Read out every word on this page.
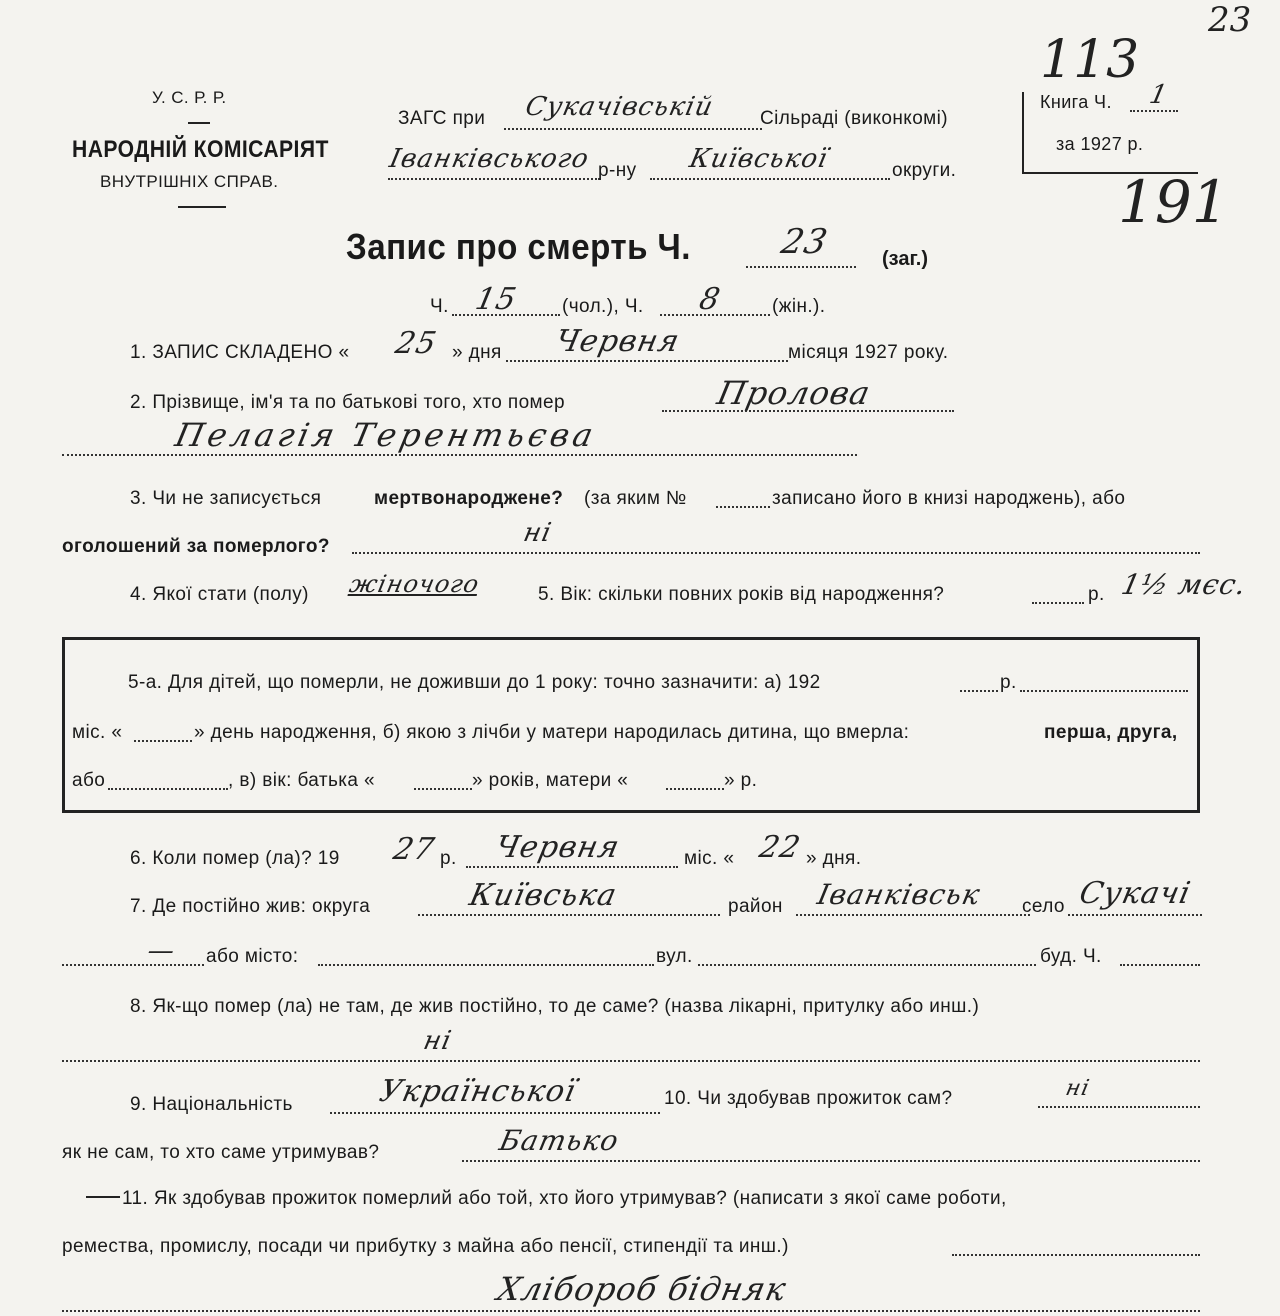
23
113
191
У. С. Р. Р.
НАРОДНІЙ КОМІСАРІЯТ
ВНУТРІШНІХ СПРАВ.
ЗАГС при Сукачівській Сільраді (виконкомі)
Іванківського р-ну Київської	округи.
Книга Ч. 1
за 1927 р.
Запис про смерть Ч.	23	(заг.)
Ч. 15 (чол.), Ч. 8	(жін.).
1. ЗАПИС СКЛАДЕНО « 25 » дня Червня	місяця 1927 року.
2. Прізвище, ім'я та по батькові того, хто помер	Пролова
Пелагія Терентьєва
3. Чи не записується	мертвонароджене? (за яким №	записано його в книзі народжень), або
оголошений за померлого?	ні
4. Якої стати (полу) жіночого	5. Вік: скільки повних років від народження?	р. 1½ мєс.
5-а. Для дітей, що померли, не доживши до 1 року: точно зазначити: а) 192	р.
міс. «	» день народження, б) якою з лічби у матери народилась дитина, що вмерла:	перша, друга,
або	, в) вік: батька «	» років, матери «	» р.
6. Коли помер (ла)? 19 27 р. Червня	міс. « 22 » дня.
7. Де постійно жив: округа	Київська	район Іванківськ село Сукачі
— або місто:	вул.	буд. Ч.
8. Як-що помер (ла) не там, де жив постійно, то де саме? (назва лікарні, притулку або инш.)
ні
9. Національність	Української	10. Чи здобував прожиток сам?	ні
як не сам, то хто саме утримував?	Батько
11. Як здобував прожиток померлий або той, хто його утримував? (написати з якої саме роботи,
ремества, промислу, посади чи прибутку з майна або пенсії, стипендії та инш.)
Хлібороб бідняк
